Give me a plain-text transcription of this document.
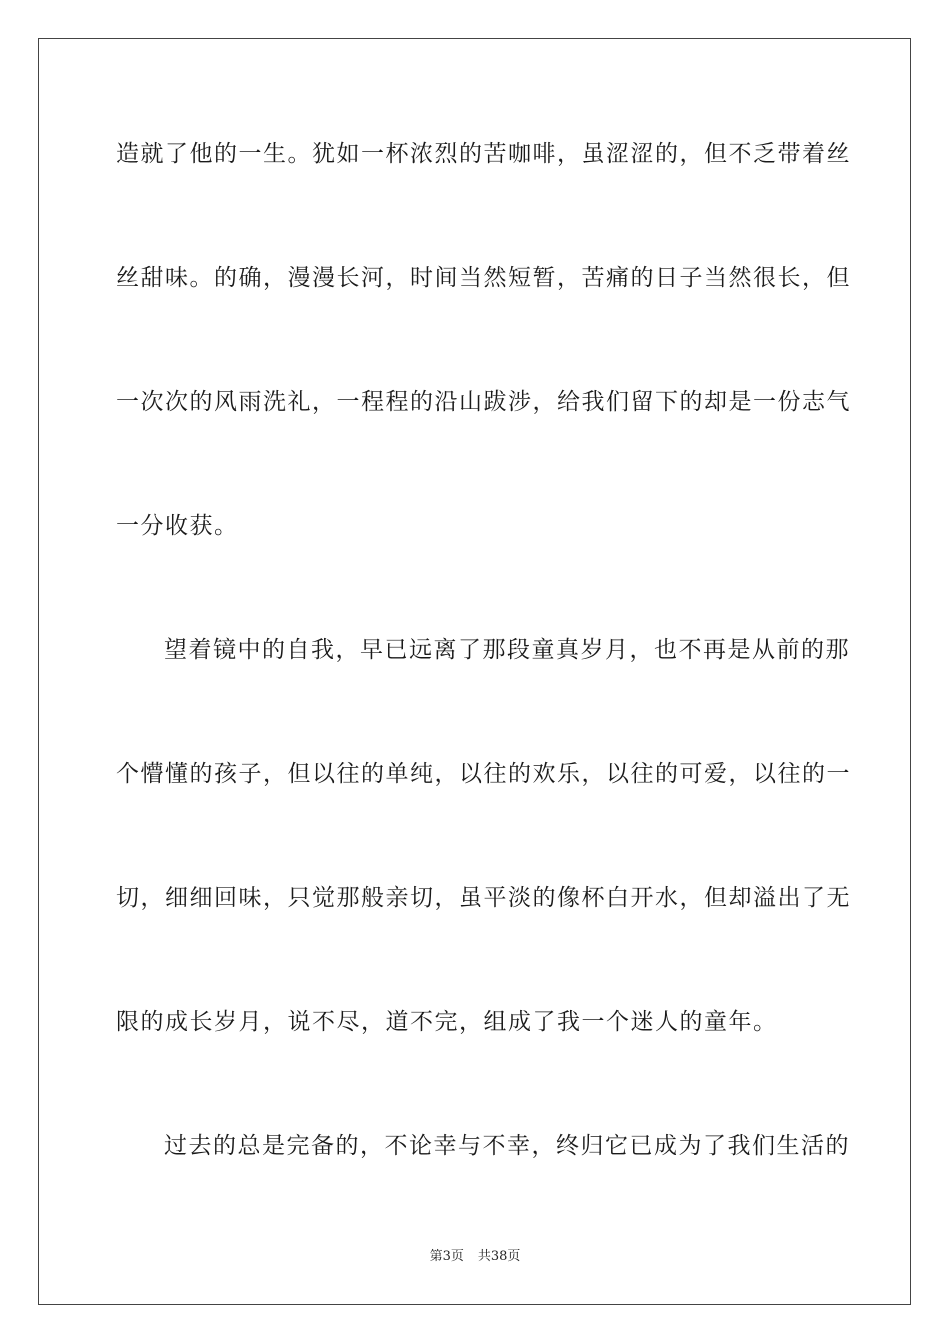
造就了他的一生。犹如一杯浓烈的苦咖啡，虽涩涩的，但不乏带着丝
丝甜味。的确，漫漫长河，时间当然短暂，苦痛的日子当然很长，但
一次次的风雨洗礼，一程程的沿山跋涉，给我们留下的却是一份志气
一分收获。
望着镜中的自我，早已远离了那段童真岁月，也不再是从前的那
个懵懂的孩子，但以往的单纯，以往的欢乐，以往的可爱，以往的一
切，细细回味，只觉那般亲切，虽平淡的像杯白开水，但却溢出了无
限的成长岁月，说不尽，道不完，组成了我一个迷人的童年。
过去的总是完备的，不论幸与不幸，终归它已成为了我们生活的
第3页 共38页
